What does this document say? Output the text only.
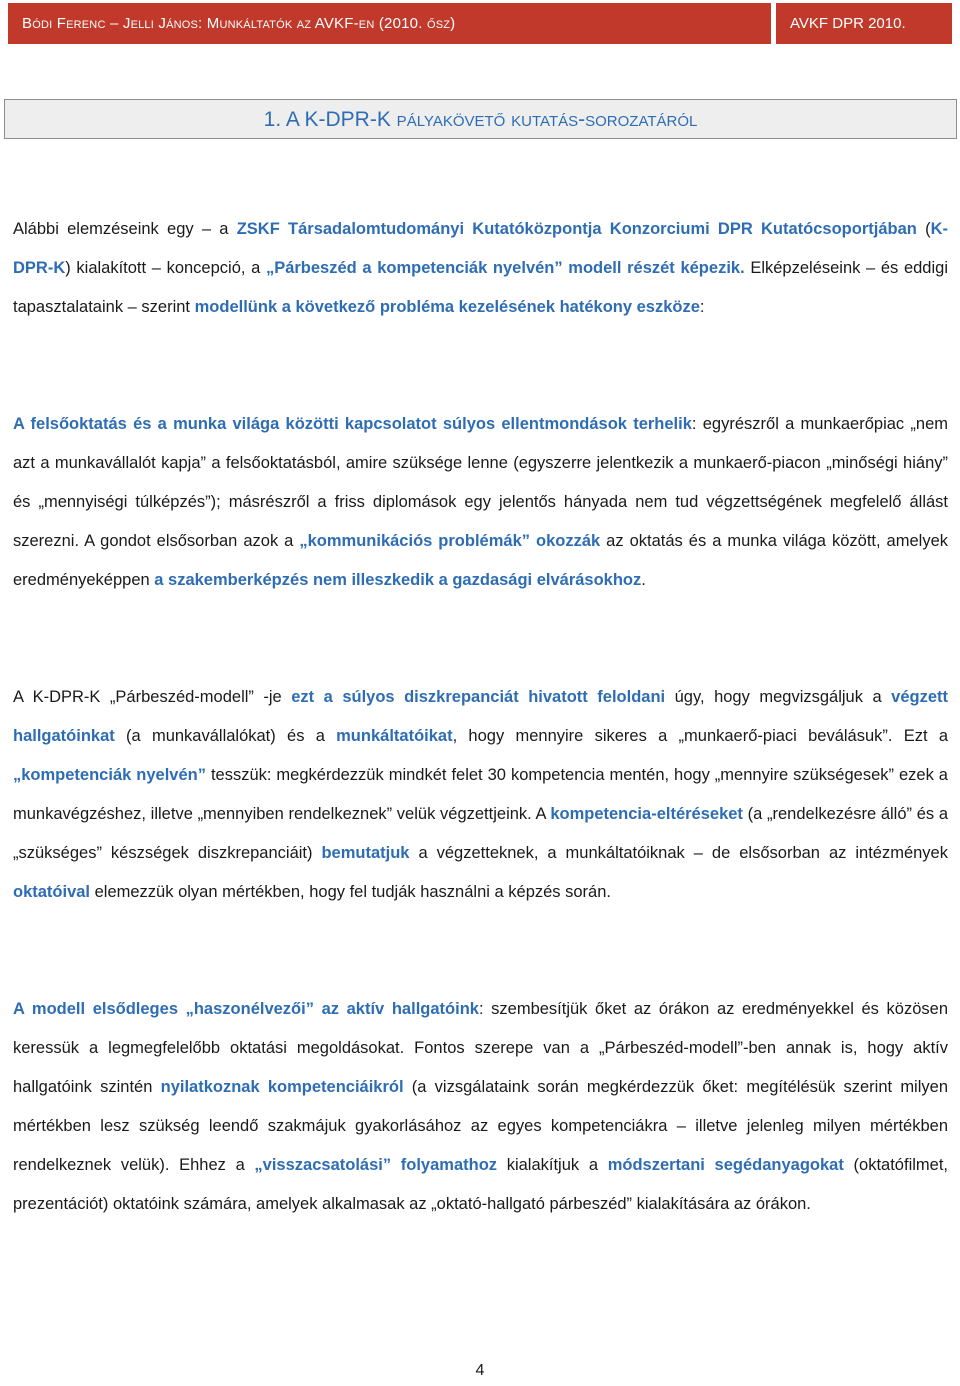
Bódi Ferenc – Jelli János: Munkáltatók az AVKF-en (2010. ősz)	AVKF DPR 2010.
1. A K-DPR-K pályakövető kutatás-sorozatáról

Alábbi elemzéseink egy – a ZSKF Társadalomtudományi Kutatóközpontja Konzorciumi DPR Kutatócsoportjában (K-DPR-K) kialakított – koncepció, a „Párbeszéd a kompetenciák nyelvén” modell részét képezik. Elképzeléseink – és eddigi tapasztalataink – szerint modellünk a következő probléma kezelésének hatékony eszköze:

A felsőoktatás és a munka világa közötti kapcsolatot súlyos ellentmondások terhelik: egyrészről a munkaerőpiac „nem azt a munkavállalót kapja” a felsőoktatásból, amire szüksége lenne (egyszerre jelentkezik a munkaerő-piacon „minőségi hiány” és „mennyiségi túlképzés”); másrészről a friss diplomások egy jelentős hányada nem tud végzettségének megfelelő állást szerezni. A gondot elsősorban azok a „kommunikációs problémák” okozzák az oktatás és a munka világa között, amelyek eredményeképpen a szakemberképzés nem illeszkedik a gazdasági elvárásokhoz.

A K-DPR-K „Párbeszéd-modell” -je ezt a súlyos diszkrepanciát hivatott feloldani úgy, hogy megvizsgáljuk a végzett hallgatóinkat (a munkavállalókat) és a munkáltatóikat, hogy mennyire sikeres a „munkaerő-piaci beválásuk”. Ezt a „kompetenciák nyelvén” tesszük: megkérdezzük mindkét felet 30 kompetencia mentén, hogy „mennyire szükségesek” ezek a munkavégzéshez, illetve „mennyiben rendelkeznek” velük végzettjeink. A kompetencia-eltéréseket (a „rendelkezésre álló” és a „szükséges” készségek diszkrepanciáit) bemutatjuk a végzetteknek, a munkáltatóiknak – de elsősorban az intézmények oktatóival elemezzük olyan mértékben, hogy fel tudják használni a képzés során.

A modell elsődleges „haszonélvezői” az aktív hallgatóink: szembesítjük őket az órákon az eredményekkel és közösen keressük a legmegfelelőbb oktatási megoldásokat. Fontos szerepe van a „Párbeszéd-modell”-ben annak is, hogy aktív hallgatóink szintén nyilatkoznak kompetenciáikról (a vizsgálataink során megkérdezzük őket: megítélésük szerint milyen mértékben lesz szükség leendő szakmájuk gyakorlásához az egyes kompetenciákra – illetve jelenleg milyen mértékben rendelkeznek velük). Ehhez a „visszacsatolási” folyamathoz kialakítjuk a módszertani segédanyagokat (oktatófilmet, prezentációt) oktatóink számára, amelyek alkalmasak az „oktató-hallgató párbeszéd” kialakítására az órákon.

4
